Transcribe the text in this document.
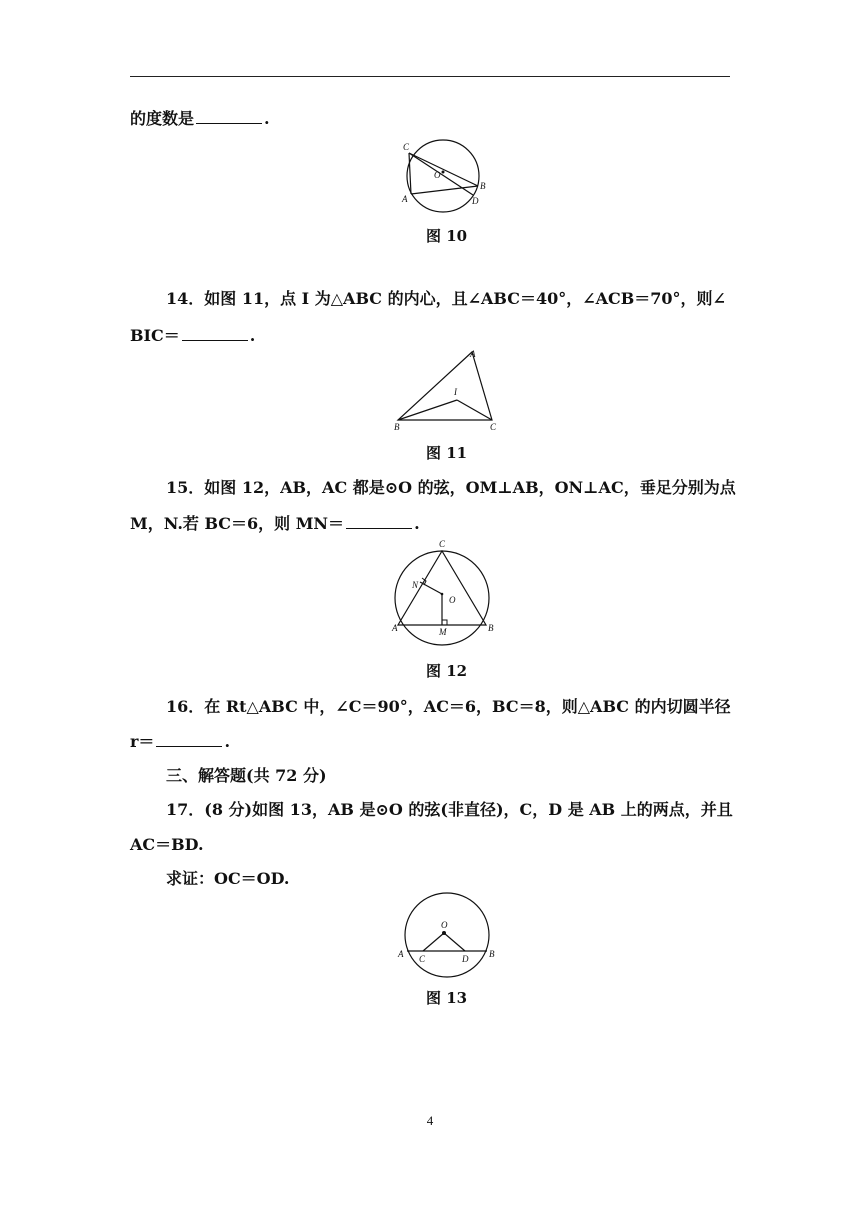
的度数是	.
C
O
B
A	D
图 10
14．如图 11，点 I 为△ABC 的内心，且∠ABC＝40°，∠ACB＝70°，则∠
BIC＝	.
A
I
B	C
图 11
15．如图 12，AB，AC 都是⊙O 的弦，OM⊥AB，ON⊥AC，垂足分别为点
M，N.若 BC＝6，则 MN＝	.
C
N
O
A	M	B
图 12
16．在 Rt△ABC 中，∠C＝90°，AC＝6，BC＝8，则△ABC 的内切圆半径
r＝	.
三、解答题(共 72 分)
17．(8 分)如图 13，AB 是⊙O 的弦(非直径)，C，D 是 AB 上的两点，并且
AC＝BD.
求证：OC＝OD.
O
A C	D B
图 13
4
